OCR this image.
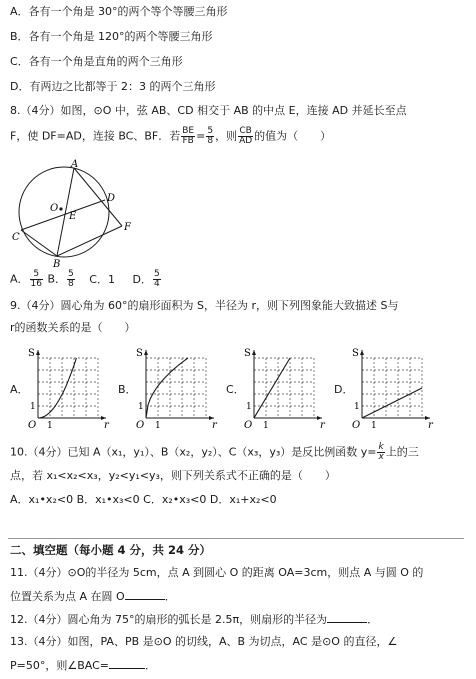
A．各有一个角是 30°的两个等个等腰三角形
B．各有一个角是 120°的两个等腰三角形
C．各有一个角是直角的两个三角形
D．有两边之比都等于 2：3 的两个三角形
8.（4分）如图，⊙O 中，弦 AB、CD 相交于 AB 的中点 E，连接 AD 并延长至点
F，使 DF=AD，连接 BC、BF．若 $\frac{BE}{FB} = \frac{5}{8}$ ，则 $\frac{CB}{AD}$ 的值为（　　）
A
D
O
E
F
C
B
A． $\frac{5}{16}$ B． $\frac{5}{8}$ C．1 D． $\frac{5}{4}$
9.（4分）圆心角为 60°的扇形面积为 S，半径为 r，则下列图象能大致描述 S与
r的函数关系的是（　　）
A．	B．	C．	D．
S
r
O 1
1
S
r
O 1
1
S
r
O 1
1
S
r
O 1
1
10.（4分）已知 A（x₁，y₁）、B（x₂，y₂）、C（x₃，y₃）是反比例函数 $y= \frac{k}{x}$ 上的三
点，若 x₁<x₂<x₃，y₂<y₁<y₃，则下列关系式不正确的是（　　）
A．x₁•x₂<0 B．x₁•x₃<0 C．x₂•x₃<0 D．x₁+x₂<0
二、填空题（每小题 4 分，共 24 分）
11.（4分）⊙O的半径为 5cm，点 A 到圆心 O 的距离 OA=3cm，则点 A 与圆 O 的
位置关系为点 A 在圆 O	．
12.（4分）圆心角为 75°的扇形的弧长是 2.5π，则扇形的半径为	．
13.（4分）如图，PA、PB 是⊙O 的切线，A、B 为切点，AC 是⊙O 的直径，∠
P=50°，则∠BAC=	．
